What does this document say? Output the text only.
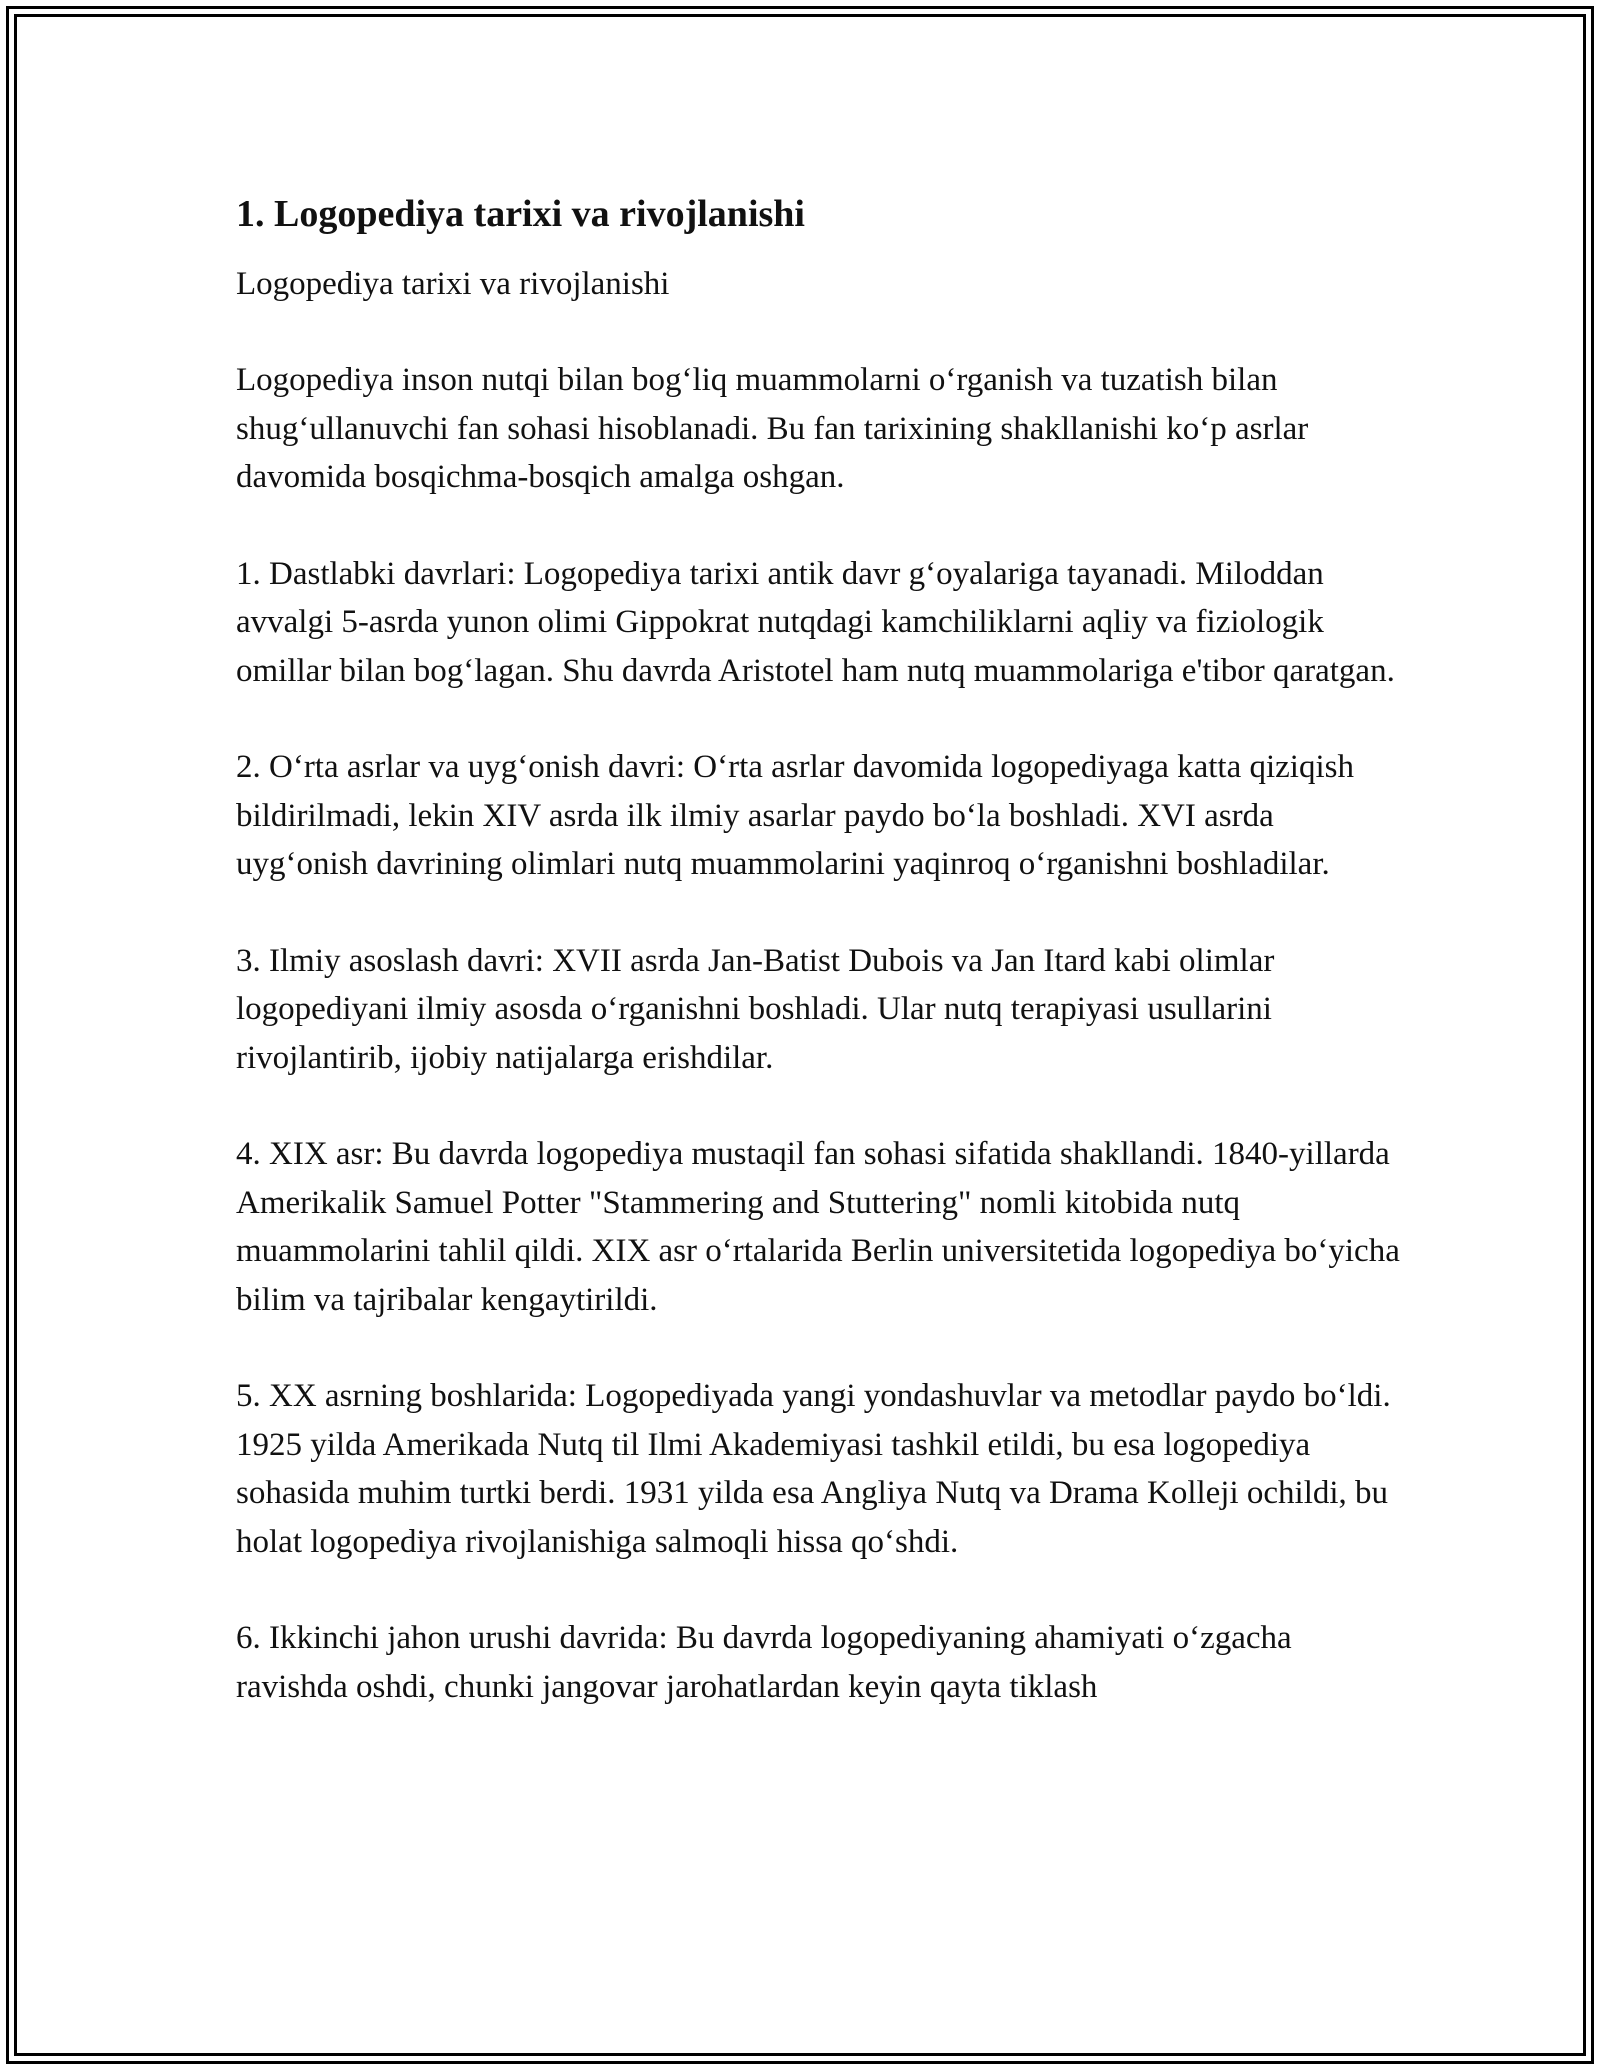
1. Logopediya tarixi va rivojlanishi

Logopediya tarixi va rivojlanishi

Logopediya inson nutqi bilan bog‘liq muammolarni o‘rganish va tuzatish bilan shug‘ullanuvchi fan sohasi hisoblanadi. Bu fan tarixining shakllanishi ko‘p asrlar davomida bosqichma-bosqich amalga oshgan.

1. Dastlabki davrlari: Logopediya tarixi antik davr g‘oyalariga tayanadi. Miloddan avvalgi 5-asrda yunon olimi Gippokrat nutqdagi kamchiliklarni aqliy va fiziologik omillar bilan bog‘lagan. Shu davrda Aristotel ham nutq muammolariga e'tibor qaratgan.

2. O‘rta asrlar va uyg‘onish davri: O‘rta asrlar davomida logopediyaga katta qiziqish bildirilmadi, lekin XIV asrda ilk ilmiy asarlar paydo bo‘la boshladi. XVI asrda uyg‘onish davrining olimlari nutq muammolarini yaqinroq o‘rganishni boshladilar.

3. Ilmiy asoslash davri: XVII asrda Jan-Batist Dubois va Jan Itard kabi olimlar logopediyani ilmiy asosda o‘rganishni boshladi. Ular nutq terapiyasi usullarini rivojlantirib, ijobiy natijalarga erishdilar.

4. XIX asr: Bu davrda logopediya mustaqil fan sohasi sifatida shakllandi. 1840-yillarda Amerikalik Samuel Potter "Stammering and Stuttering" nomli kitobida nutq muammolarini tahlil qildi. XIX asr o‘rtalarida Berlin universitetida logopediya bo‘yicha bilim va tajribalar kengaytirildi.

5. XX asrning boshlarida: Logopediyada yangi yondashuvlar va metodlar paydo bo‘ldi. 1925 yilda Amerikada Nutq til Ilmi Akademiyasi tashkil etildi, bu esa logopediya sohasida muhim turtki berdi. 1931 yilda esa Angliya Nutq va Drama Kolleji ochildi, bu holat logopediya rivojlanishiga salmoqli hissa qo‘shdi.

6. Ikkinchi jahon urushi davrida: Bu davrda logopediyaning ahamiyati o‘zgacha ravishda oshdi, chunki jangovar jarohatlardan keyin qayta tiklash
